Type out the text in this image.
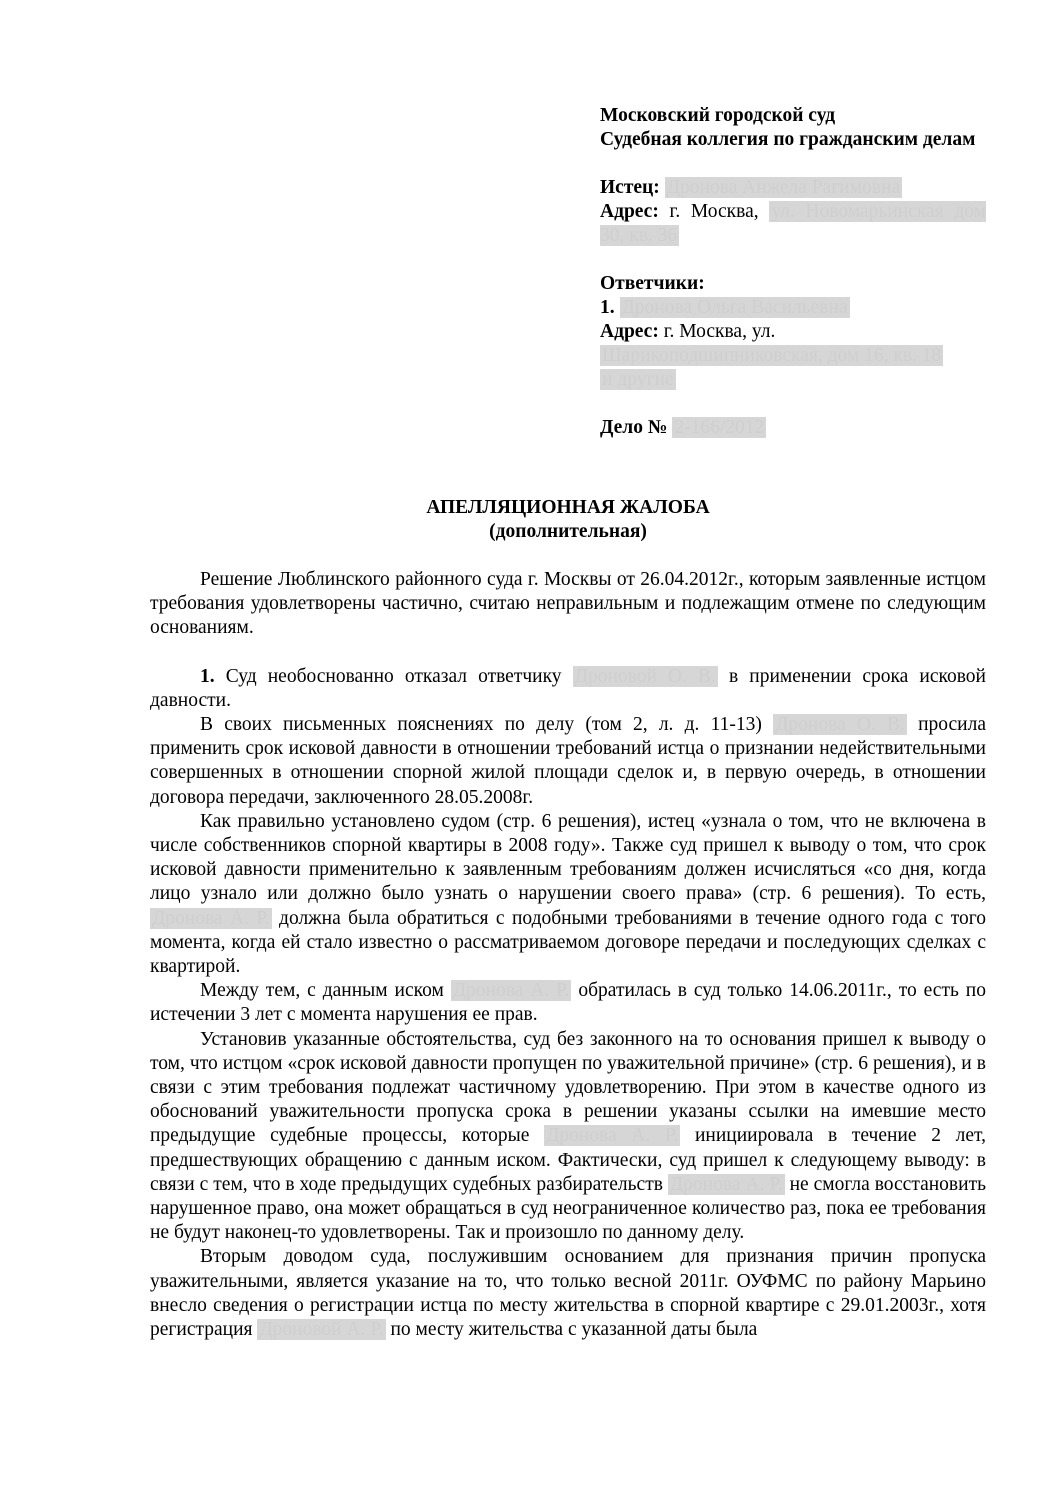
Московский городской суд
Судебная коллегия по гражданским делам
Истец: Дронова Анжела Рагимовна
Адрес: г. Москва, ул. Новомарьинская дом 30, кв. 36
Ответчики:
1. Дронова Ольга Васильевна
Адрес: г. Москва, ул.
Шарикоподшипниковская, дом 16, кв. 18
и другие
Дело № 2-166/2012
АПЕЛЛЯЦИОННАЯ ЖАЛОБА
(дополнительная)

Решение Люблинского районного суда г. Москвы от 26.04.2012г., которым заявленные истцом требования удовлетворены частично, считаю неправильным и подлежащим отмене по следующим основаниям.

1. Суд необоснованно отказал ответчику Дроновой О. В. в применении срока исковой давности.

В своих письменных пояснениях по делу (том 2, л. д. 11-13) Дронова О. В. просила применить срок исковой давности в отношении требований истца о признании недействительными совершенных в отношении спорной жилой площади сделок и, в первую очередь, в отношении договора передачи, заключенного 28.05.2008г.

Как правильно установлено судом (стр. 6 решения), истец «узнала о том, что не включена в числе собственников спорной квартиры в 2008 году». Также суд пришел к выводу о том, что срок исковой давности применительно к заявленным требованиям должен исчисляться «со дня, когда лицо узнало или должно было узнать о нарушении своего права» (стр. 6 решения). То есть, Дронова А. Р. должна была обратиться с подобными требованиями в течение одного года с того момента, когда ей стало известно о рассматриваемом договоре передачи и последующих сделках с квартирой.

Между тем, с данным иском Дронова А. Р. обратилась в суд только 14.06.2011г., то есть по истечении 3 лет с момента нарушения ее прав.

Установив указанные обстоятельства, суд без законного на то основания пришел к выводу о том, что истцом «срок исковой давности пропущен по уважительной причине» (стр. 6 решения), и в связи с этим требования подлежат частичному удовлетворению. При этом в качестве одного из обоснований уважительности пропуска срока в решении указаны ссылки на имевшие место предыдущие судебные процессы, которые Дронова А. Р. инициировала в течение 2 лет, предшествующих обращению с данным иском. Фактически, суд пришел к следующему выводу: в связи с тем, что в ходе предыдущих судебных разбирательств Дронова А. Р. не смогла восстановить нарушенное право, она может обращаться в суд неограниченное количество раз, пока ее требования не будут наконец-то удовлетворены. Так и произошло по данному делу.

Вторым доводом суда, послужившим основанием для признания причин пропуска уважительными, является указание на то, что только весной 2011г. ОУФМС по району Марьино внесло сведения о регистрации истца по месту жительства в спорной квартире с 29.01.2003г., хотя регистрация Дроновой А. Р. по месту жительства с указанной даты была
